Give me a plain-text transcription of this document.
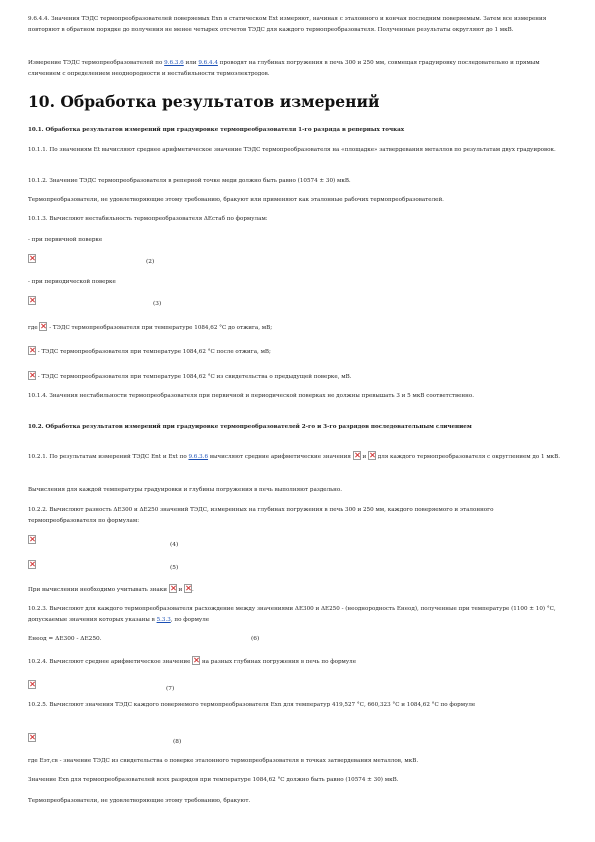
9.6.4.4. Значения ТЭДС термопреобразователей поверяемых Exn в статическом Ext измеряют, начиная с эталонного и кончая последним поверяемым. Затем все измерения повторяют в обратном порядке до получения не менее четырех отсчетов ТЭДС для каждого термопреобразователя. Полученные результаты округляют до 1 мкВ.
Измерение ТЭДС термопреобразователей по 9.6.3.6 или 9.6.4.4 проводят на глубинах погружения в печь 300 и 250 мм, совмещая градуировку последовательно и прямым сличением с определением неоднородности и нестабильности термоэлектродов.
10. Обработка результатов измерений
10.1. Обработка результатов измерений при градуировке термопреобразователя 1-го разряда в реперных точках
10.1.1. По значениям Et вычисляют среднее арифметическое значение ТЭДС термопреобразователя на «площадке» затвердевания металлов по результатам двух градуировок.
10.1.2. Значение ТЭДС термопреобразователя в реперной точке меди должно быть равно (10574 ± 30) мкВ.
Термопреобразователи, не удовлетворяющие этому требованию, бракуют или применяют как эталонные рабочих термопреобразователей.
10.1.3. Вычисляют нестабильность термопреобразователя ΔEстаб по формулам:
- при первичной поверке
(2)
- при периодической поверке
(3)
где  - ТЭДС термопреобразователя при температуре 1084,62 °С до отжига, мВ;
- ТЭДС термопреобразователя при температуре 1084,62 °С после отжига, мВ;
- ТЭДС термопреобразователя при температуре 1084,62 °С из свидетельства о предыдущей поверке, мВ.
10.1.4. Значения нестабильности термопреобразователя при первичной и периодической поверках не должны превышать 3 и 5 мкВ соответственно.
10.2. Обработка результатов измерений при градуировке термопреобразователей 2-го и 3-го разрядов последовательным сличением
10.2.1. По результатам измерений ТЭДС Ent и Ext по 9.6.3.6 вычисляют средние арифметические значения  и  для каждого термопреобразователя с округлением до 1 мкВ.
Вычисления для каждой температуры градуировки и глубины погружения в печь выполняют раздельно.
10.2.2. Вычисляют разность ΔE300 и ΔE250 значений ТЭДС, измеренных на глубинах погружения в печь 300 и 250 мм, каждого поверяемого и эталонного термопреобразователя по формулам:
(4)
(5)
При вычислении необходимо учитывать знаки  и .
10.2.3. Вычисляют для каждого термопреобразователя расхождение между значениями ΔE300 и ΔE250 - (неоднородность Eнеод), полученные при температуре (1100 ± 10) °С, допускаемые значения которых указаны в 5.3.3, по формуле
Eнеод = ΔE300 - ΔE250.	(6)
10.2.4. Вычисляют среднее арифметическое значение  на разных глубинах погружения в печь по формуле
(7)
10.2.5. Вычисляют значения ТЭДС каждого поверяемого термопреобразователя Exn для температур 419,527 °С, 660,323 °С и 1084,62 °С по формуле
(8)
где Eэт,св - значение ТЭДС из свидетельства о поверке эталонного термопреобразователя в точках затвердевания металлов, мкВ.
Значение Exn для термопреобразователей всех разрядов при температуре 1084,62 °С должно быть равно (10574 ± 30) мкВ.
Термопреобразователи, не удовлетворяющие этому требованию, бракуют.
